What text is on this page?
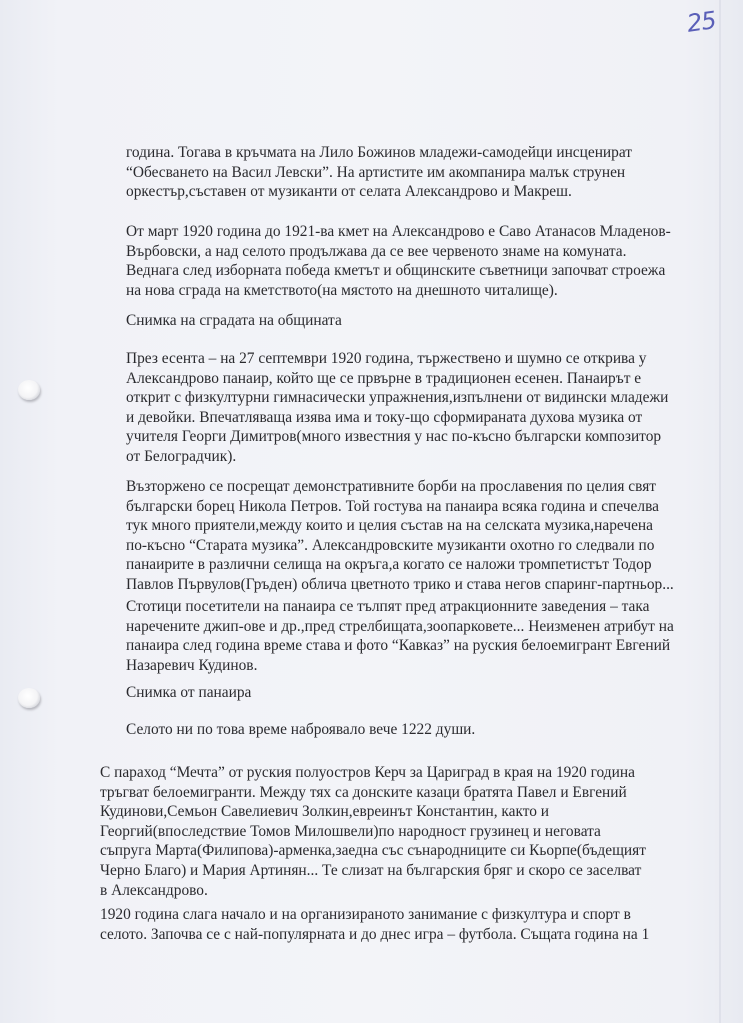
25
година. Тогава в кръчмата на Лило Божинов младежи-самодейци инсценират
“Обесването на Васил Левски”. На артистите им акомпанира малък струнен
оркестър,съставен от музиканти от селата Александрово и Макреш.
От март 1920 година до 1921-ва кмет на Александрово е Саво Атанасов Младенов-
Върбовски, а над селото продължава да се вее червеното знаме на комуната.
Веднага след изборната победа кметът и общинските съветници започват строежа
на нова сграда на кметството(на мястото на днешното читалище).
Снимка на сградата на общината
През есента – на 27 септември 1920 година, тържествено и шумно се открива у
Александрово панаир, който ще се првърне в традиционен есенен. Панаирът е
открит с физкултурни гимнасически упражнения,изпълнени от видински младежи
и девойки. Впечатляваща изява има и току-що сформираната духова музика от
учителя Георги Димитров(много известния у нас по-късно български композитор
от Белоградчик).
Възторжено се посрещат демонстративните борби на прославения по целия свят
български борец Никола Петров. Той гостува на панаира всяка година и спечелва
тук много приятели,между които и целия състав на на селската музика,наречена
по-късно “Старата музика”. Александровските музиканти охотно го следвали по
панаирите в различни селища на окръга,а когато се наложи тромпетистът Тодор
Павлов Първулов(Гръден) облича цветното трико и става негов спаринг-партньор...
Стотици посетители на панаира се тълпят пред атракционните заведения – така
наречените джип-ове и др.,пред стрелбищата,зоопарковете... Неизменен атрибут на
панаира след година време става и фото “Кавказ” на руския белоемигрант Евгений
Назаревич Кудинов.
Снимка от панаира
Селото ни по това време наброявало вече 1222 души.
С параход “Мечта” от руския полуостров Керч за Цариград в края на 1920 година
тръгват белоемигранти. Между тях са донските казаци братята Павел и Евгений
Кудинови,Семьон Савелиевич Золкин,евреинът Константин, както и
Георгий(впоследствие Томов Милошвели)по народност грузинец и неговата
съпруга Марта(Филипова)-арменка,заедна със сънародниците си Кьорпе(бъдещият
Черно Благо) и Мария Артинян... Те слизат на българския бряг и скоро се заселват
в Александрово.
1920 година слага начало и на организираното занимание с физкултура и спорт в
селото. Започва се с най-популярната и до днес игра – футбола. Същата година на 1
